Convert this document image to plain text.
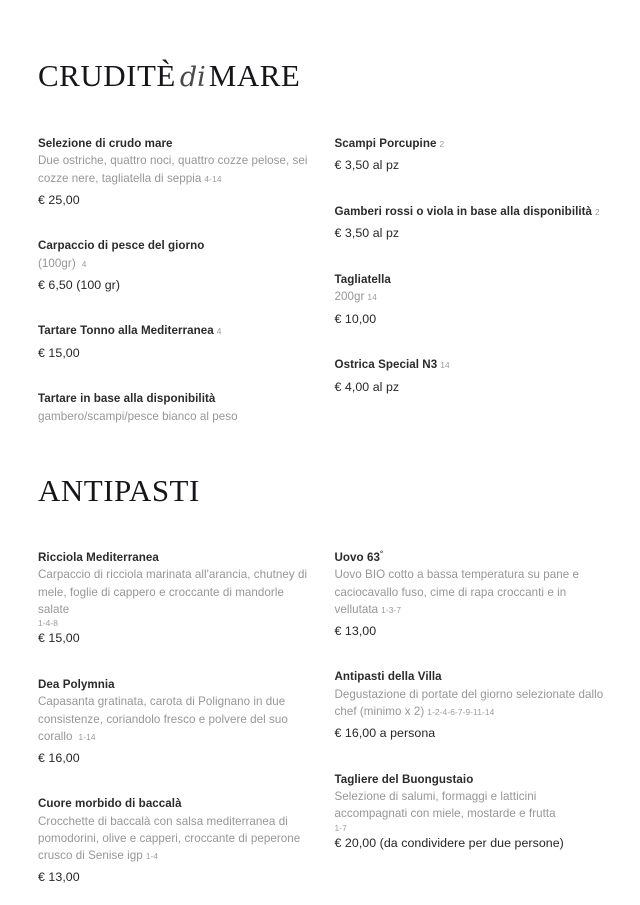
CRUDITÈ diMARE
Selezione di crudo mare
Due ostriche, quattro noci, quattro cozze pelose, sei cozze nere, tagliatella di seppia 4-14
€ 25,00
Carpaccio di pesce del giorno
(100gr) 4
€ 6,50 (100 gr)
Tartare Tonno alla Mediterranea 4
€ 15,00
Tartare in base alla disponibilità
gambero/scampi/pesce bianco al peso
Scampi Porcupine 2
€ 3,50 al pz
Gamberi rossi o viola in base alla disponibilità 2
€ 3,50 al pz
Tagliatella
200gr 14
€ 10,00
Ostrica Special N3 14
€ 4,00 al pz
ANTIPASTI
Ricciola Mediterranea
Carpaccio di ricciola marinata all'arancia, chutney di mele, foglie di cappero e croccante di mandorle salate
1-4-8
€ 15,00
Dea Polymnia
Capasanta gratinata, carota di Polignano in due consistenze, coriandolo fresco e polvere del suo corallo 1-14
€ 16,00
Cuore morbido di baccalà
Crocchette di baccalà con salsa mediterranea di pomodorini, olive e capperi, croccante di peperone crusco di Senise igp 1-4
€ 13,00
Uovo 63°
Uovo BIO cotto a bassa temperatura su pane e caciocavallo fuso, cime di rapa croccanti e in vellutata 1-3-7
€ 13,00
Antipasti della Villa
Degustazione di portate del giorno selezionate dallo chef (minimo x 2) 1-2-4-6-7-9-11-14
€ 16,00 a persona
Tagliere del Buongustaio
Selezione di salumi, formaggi e latticini accompagnati con miele, mostarde e frutta
1-7
€ 20,00 (da condividere per due persone)
